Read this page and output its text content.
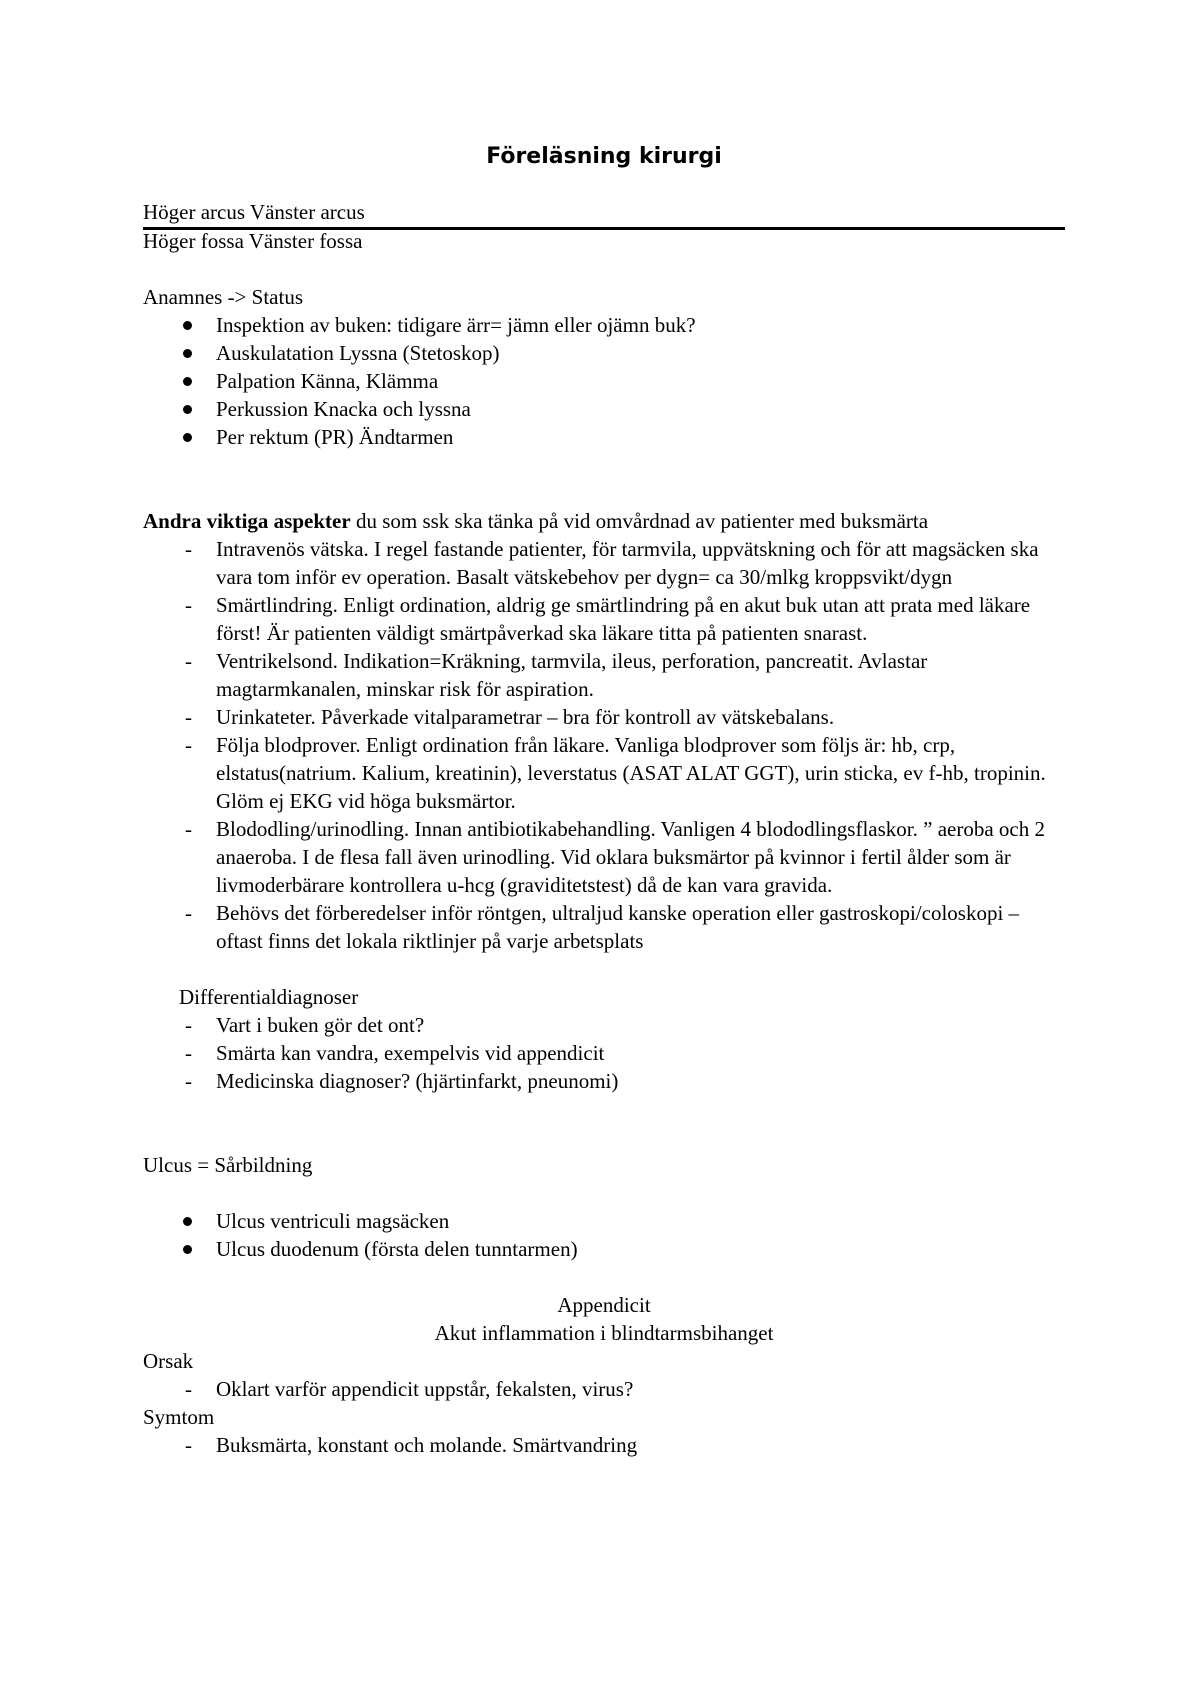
Föreläsning kirurgi
Höger arcus Vänster arcus
Höger fossa Vänster fossa

Anamnes -> Status

Inspektion av buken: tidigare ärr= jämn eller ojämn buk?
Auskulatation Lyssna (Stetoskop)
Palpation Känna, Klämma
Perkussion Knacka och lyssna
Per rektum (PR) Ändtarmen

Andra viktiga aspekter du som ssk ska tänka på vid omvårdnad av patienter med buksmärta

- Intravenös vätska. I regel fastande patienter, för tarmvila, uppvätskning och för att magsäcken ska vara tom inför ev operation. Basalt vätskebehov per dygn= ca 30/mlkg kroppsvikt/dygn
- Smärtlindring. Enligt ordination, aldrig ge smärtlindring på en akut buk utan att prata med läkare först! Är patienten väldigt smärtpåverkad ska läkare titta på patienten snarast.
- Ventrikelsond. Indikation=Kräkning, tarmvila, ileus, perforation, pancreatit. Avlastar magtarmkanalen, minskar risk för aspiration.
- Urinkateter. Påverkade vitalparametrar – bra för kontroll av vätskebalans.
- Följa blodprover. Enligt ordination från läkare. Vanliga blodprover som följs är: hb, crp, elstatus(natrium. Kalium, kreatinin), leverstatus (ASAT ALAT GGT), urin sticka, ev f-hb, tropinin. Glöm ej EKG vid höga buksmärtor.
- Blododling/urinodling. Innan antibiotikabehandling. Vanligen 4 blododlingsflaskor. ” aeroba och 2 anaeroba. I de flesa fall även urinodling. Vid oklara buksmärtor på kvinnor i fertil ålder som är livmoderbärare kontrollera u-hcg (graviditetstest) då de kan vara gravida.
- Behövs det förberedelser inför röntgen, ultraljud kanske operation eller gastroskopi/coloskopi – oftast finns det lokala riktlinjer på varje arbetsplats

Differentialdiagnoser

- Vart i buken gör det ont?
- Smärta kan vandra, exempelvis vid appendicit
- Medicinska diagnoser? (hjärtinfarkt, pneunomi)

Ulcus = Sårbildning

Ulcus ventriculi magsäcken
Ulcus duodenum (första delen tunntarmen)

Appendicit

Akut inflammation i blindtarmsbihanget

Orsak

- Oklart varför appendicit uppstår, fekalsten, virus?

Symtom

- Buksmärta, konstant och molande. Smärtvandring
